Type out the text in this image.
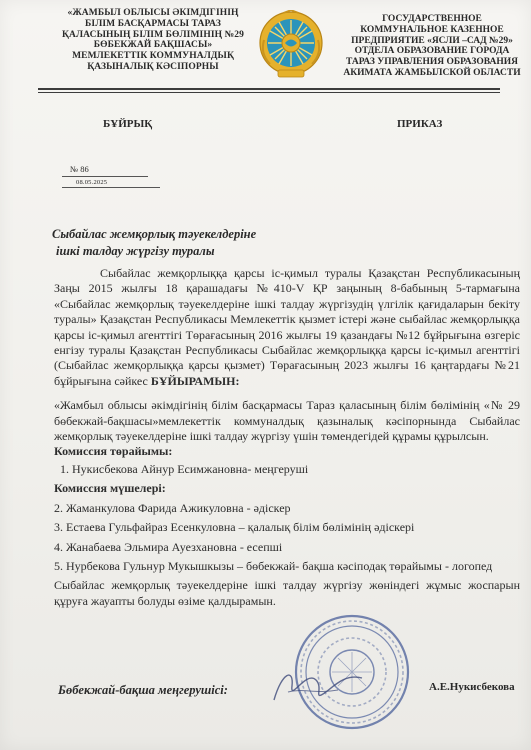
«ЖАМБЫЛ ОБЛЫСЫ ӘКІМДІГІНІҢ
БІЛІМ БАСҚАРМАСЫ ТАРАЗ
ҚАЛАСЫНЫҢ БІЛІМ БӨЛІМІНІҢ №29
БӨБЕКЖАЙ БАҚШАСЫ»
МЕМЛЕКЕТТІК КОММУНАЛДЫҚ
ҚАЗЫНАЛЫҚ КӘСІПОРНЫ
ГОСУДАРСТВЕННОЕ
КОММУНАЛЬНОЕ КАЗЕННОЕ
ПРЕДПРИЯТИЕ «ЯСЛИ –САД №29»
ОТДЕЛА ОБРАЗОВАНИЕ ГОРОДА
ТАРАЗ УПРАВЛЕНИЯ ОБРАЗОВАНИЯ
АКИМАТА ЖАМБЫЛСКОЙ ОБЛАСТИ
БҰЙРЫҚ	ПРИКАЗ
№ 86
08.05.2025
Сыбайлас жемқорлық тәуекелдеріне
ішкі талдау жүргізу туралы

Сыбайлас жемқорлыққа қарсы іс-қимыл туралы Қазақстан Республикасының Заңы 2015 жылғы 18 қарашадағы №410-V ҚР заңының 8-бабының 5-тармағына «Сыбайлас жемқорлық тәуекелдеріне ішкі талдау жүргізудің үлгілік қағидаларын бекіту туралы» Қазақстан Республикасы Мемлекеттік қызмет істері және сыбайлас жемқорлыққа қарсы іс-қимыл агенттігі Төрағасының 2016 жылғы 19 қазандағы №12 бұйрығына өзгеріс енгізу туралы Қазақстан Республикасы Сыбайлас жемқорлыққа қарсы іс-қимыл агенттігі (Сыбайлас жемқорлыққа қарсы қызмет) Төрағасының 2023 жылғы 16 қаңтардағы №21 бұйрығына сәйкес БҰЙЫРАМЫН:

«Жамбыл облысы әкімдігінің білім басқармасы Тараз қаласының білім бөлімінің «№ 29 бөбекжай-бақшасы»мемлекеттік коммуналдық қазыналық кәсіпорнында Сыбайлас жемқорлық тәуекелдеріне ішкі талдау жүргізу үшін төмендегідей құрамы құрылсын.

Комиссия төрайымы:

1. Нукисбекова Айнур Есимжановна- меңгеруші

Комиссия мүшелері:

2. Жаманкулова Фарида Ажикуловна - әдіскер

3. Естаева Гульфайраз Есенкуловна – қалалық білім бөлімінің әдіскері

4. Жанабаева Эльмира Ауезхановна - есепші

5. Нурбекова Гульнур Мукышкызы – бөбекжай- бақша кәсіподақ төрайымы - логопед

Сыбайлас жемқорлық тәуекелдеріне ішкі талдау жүргізу жөніндегі жұмыс жоспарын құруға жауапты болуды өзіме қалдырамын.

Бөбекжай-бақша меңгерушісі:	А.Е.Нукисбекова
